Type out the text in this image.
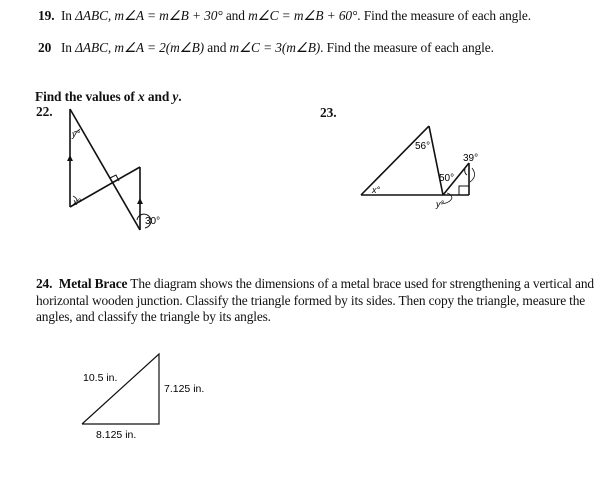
19. In ΔABC, m∠A = m∠B + 30° and m∠C = m∠B + 60°. Find the measure of each angle.
20 In ΔABC, m∠A = 2(m∠B) and m∠C = 3(m∠B). Find the measure of each angle.
Find the values of x and y.
22.
y°
x°
30°
23.
56°
39°
50°
x°
y°
24. Metal Brace The diagram shows the dimensions of a metal brace used for strengthening a vertical and horizontal wooden junction. Classify the triangle formed by its sides. Then copy the triangle, measure the angles, and classify the triangle by its angles.
10.5 in.
7.125 in.
8.125 in.
